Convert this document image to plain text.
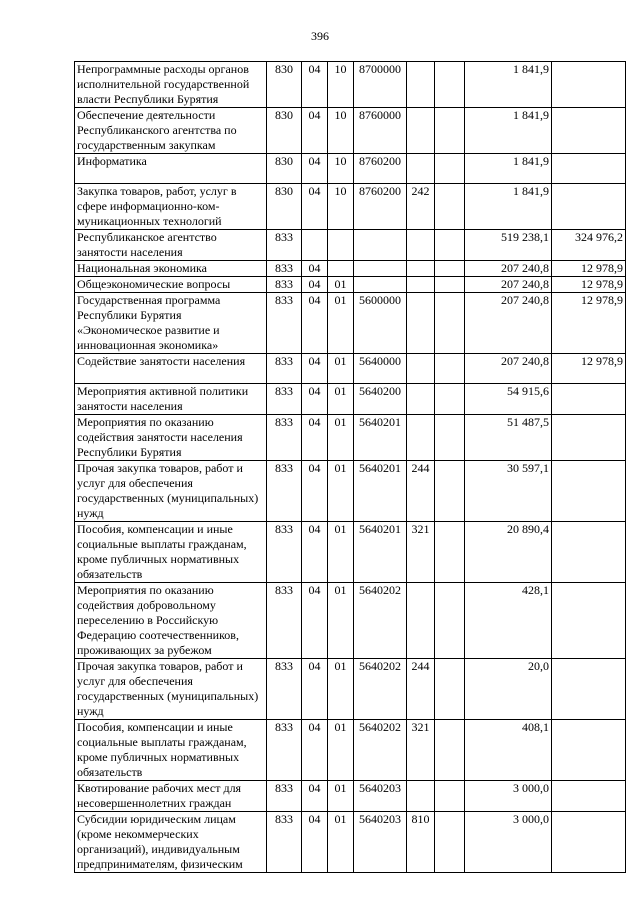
396
Непрограммные расходы органов исполнительной государственной власти Республики Бурятия	830	04	10	8700000			1 841,9	
Обеспечение деятельности Республиканского агентства по государственным закупкам	830	04	10	8760000			1 841,9	
Информатика	830	04	10	8760200			1 841,9	
Закупка товаров, работ, услуг в сфере информационно-ком-муникационных технологий	830	04	10	8760200	242		1 841,9	
Республиканское агентство занятости населения	833						519 238,1	324 976,2
Национальная экономика	833	04					207 240,8	12 978,9
Общеэкономические вопросы	833	04	01				207 240,8	12 978,9
Государственная программа Республики Бурятия «Экономическое развитие и инновационная экономика»	833	04	01	5600000			207 240,8	12 978,9
Содействие занятости населения	833	04	01	5640000			207 240,8	12 978,9
Мероприятия активной политики занятости населения	833	04	01	5640200			54 915,6	
Мероприятия по оказанию содействия занятости населения Республики Бурятия	833	04	01	5640201			51 487,5	
Прочая закупка товаров, работ и услуг для обеспечения государственных (муниципальных) нужд	833	04	01	5640201	244		30 597,1	
Пособия, компенсации и иные социальные выплаты гражданам, кроме публичных нормативных обязательств	833	04	01	5640201	321		20 890,4	
Мероприятия по оказанию содействия добровольному переселению в Российскую Федерацию соотечественников, проживающих за рубежом	833	04	01	5640202			428,1	
Прочая закупка товаров, работ и услуг для обеспечения государственных (муниципальных) нужд	833	04	01	5640202	244		20,0	
Пособия, компенсации и иные социальные выплаты гражданам, кроме публичных нормативных обязательств	833	04	01	5640202	321		408,1	
Квотирование рабочих мест для несовершеннолетних граждан	833	04	01	5640203			3 000,0	
Субсидии юридическим лицам (кроме некоммерческих организаций), индивидуальным предпринимателям, физическим	833	04	01	5640203	810		3 000,0	
